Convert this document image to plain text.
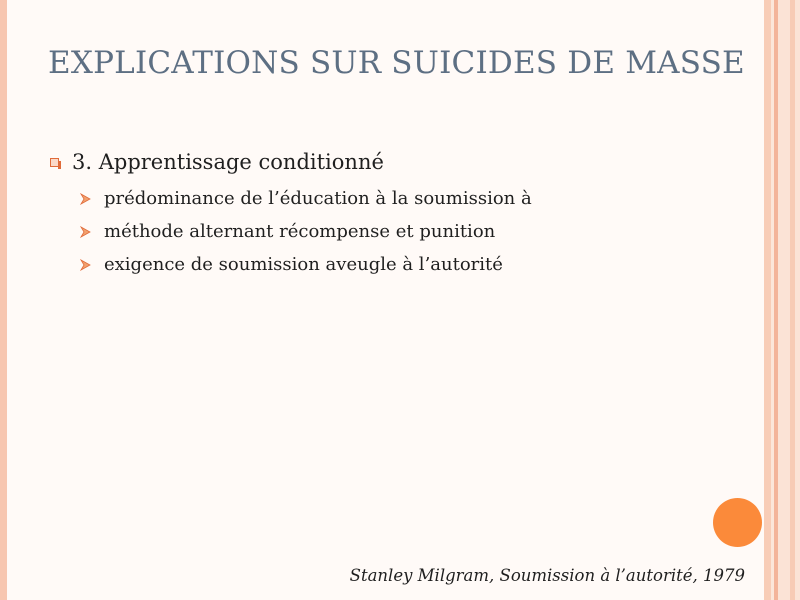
EXPLICATIONS SUR SUICIDES DE MASSE
3. Apprentissage conditionné
prédominance de l’éducation à la soumission à
méthode alternant récompense et punition
exigence de soumission aveugle à l’autorité
Stanley Milgram, Soumission à l’autorité, 1979
